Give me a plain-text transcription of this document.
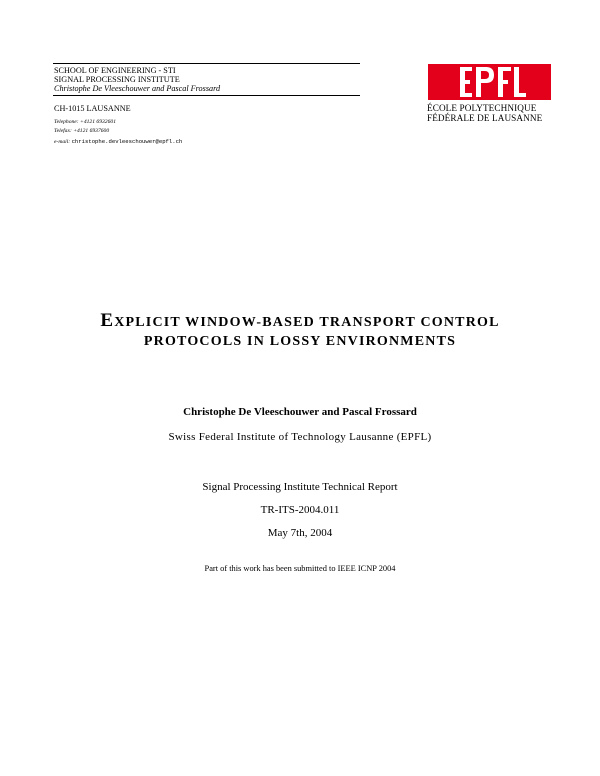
SCHOOL OF ENGINEERING - STI
SIGNAL PROCESSING INSTITUTE
Christophe De Vleeschouwer and Pascal Frossard
CH-1015 LAUSANNE
Telephone: +4121 6932601
Telefax: +4121 6937600
e-mail: christophe.devleeschouwer@epfl.ch
ÉCOLE POLYTECHNIQUE
FÉDÉRALE DE LAUSANNE
EXPLICIT WINDOW-BASED TRANSPORT CONTROL
PROTOCOLS IN LOSSY ENVIRONMENTS
Christophe De Vleeschouwer and Pascal Frossard
Swiss Federal Institute of Technology Lausanne (EPFL)
Signal Processing Institute Technical Report
TR-ITS-2004.011
May 7th, 2004
Part of this work has been submitted to IEEE ICNP 2004
